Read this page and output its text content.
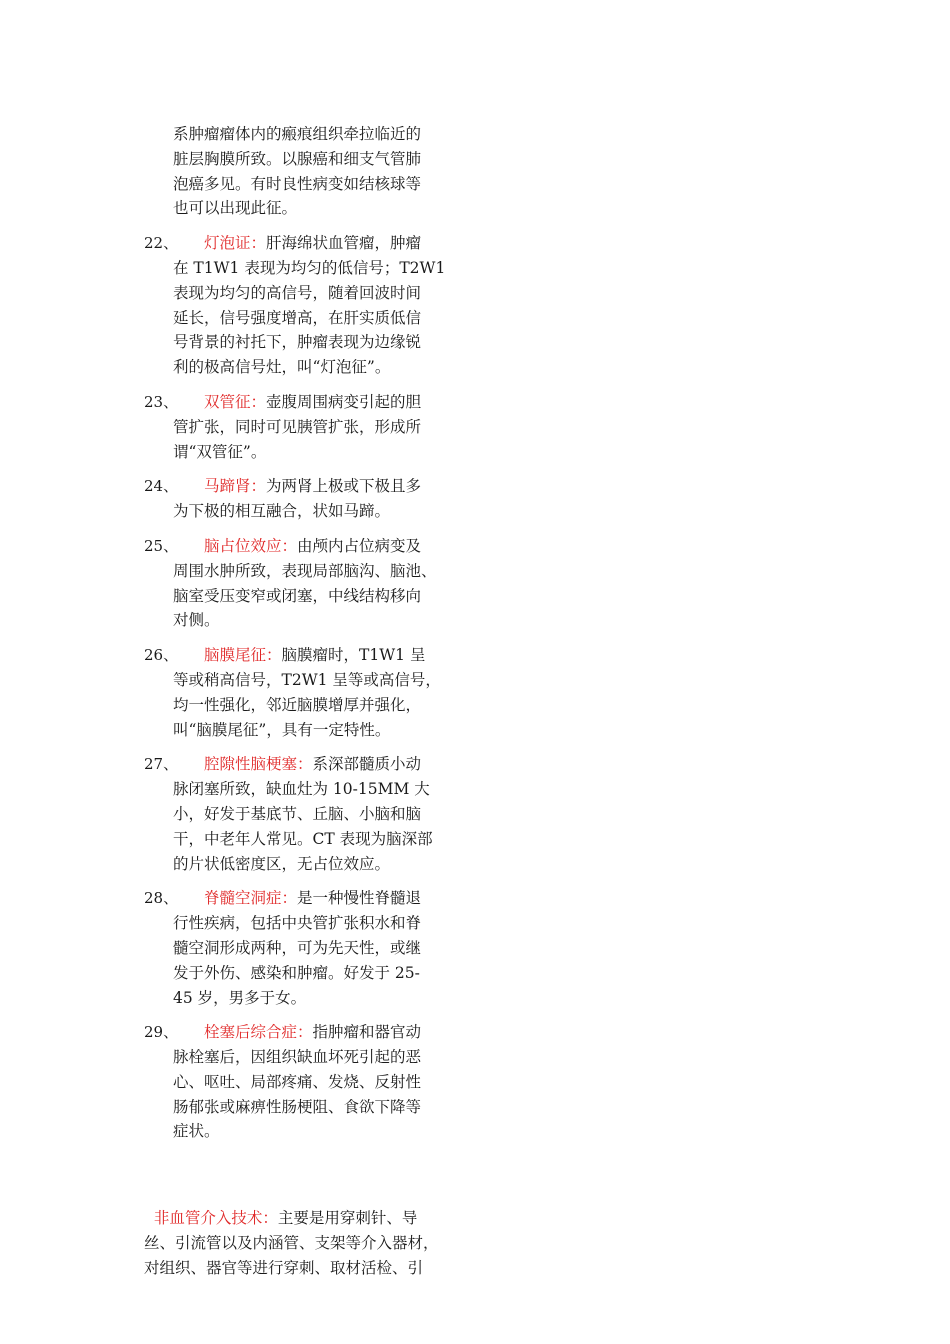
系肿瘤瘤体内的瘢痕组织牵拉临近的
脏层胸膜所致。以腺癌和细支气管肺
泡癌多见。有时良性病变如结核球等
也可以出现此征。

22、
　　	灯泡证：肝海绵状血管瘤，肿瘤
在 T1W1 表现为均匀的低信号；T2W1
表现为均匀的高信号，随着回波时间
延长，信号强度增高，在肝实质低信
号背景的衬托下，肿瘤表现为边缘锐
利的极高信号灶，叫“灯泡征”。
23、
　　	双管征：壶腹周围病变引起的胆
管扩张，同时可见胰管扩张，形成所
谓“双管征”。
24、
　　	马蹄肾：为两肾上极或下极且多
为下极的相互融合，状如马蹄。
25、
　　	脑占位效应：由颅内占位病变及
周围水肿所致，表现局部脑沟、脑池、
脑室受压变窄或闭塞，中线结构移向
对侧。
26、
　　	脑膜尾征：脑膜瘤时，T1W1 呈
等或稍高信号，T2W1 呈等或高信号，
均一性强化，邻近脑膜增厚并强化，
叫“脑膜尾征”，具有一定特性。
27、
　　	腔隙性脑梗塞：系深部髓质小动
脉闭塞所致，缺血灶为 10-15MM 大
小，好发于基底节、丘脑、小脑和脑
干，中老年人常见。CT 表现为脑深部
的片状低密度区，无占位效应。
28、
　　	脊髓空洞症：是一种慢性脊髓退
行性疾病，包括中央管扩张积水和脊
髓空洞形成两种，可为先天性，或继
发于外伤、感染和肿瘤。好发于 25-
45 岁，男多于女。
29、
　　	栓塞后综合症：指肿瘤和器官动
脉栓塞后，因组织缺血坏死引起的恶
心、呕吐、局部疼痛、发烧、反射性
肠郁张或麻痹性肠梗阻、食欲下降等
症状。

非血管介入技术：主要是用穿刺针、导
丝、引流管以及内涵管、支架等介入器材，
对组织、器官等进行穿刺、取材活检、引
